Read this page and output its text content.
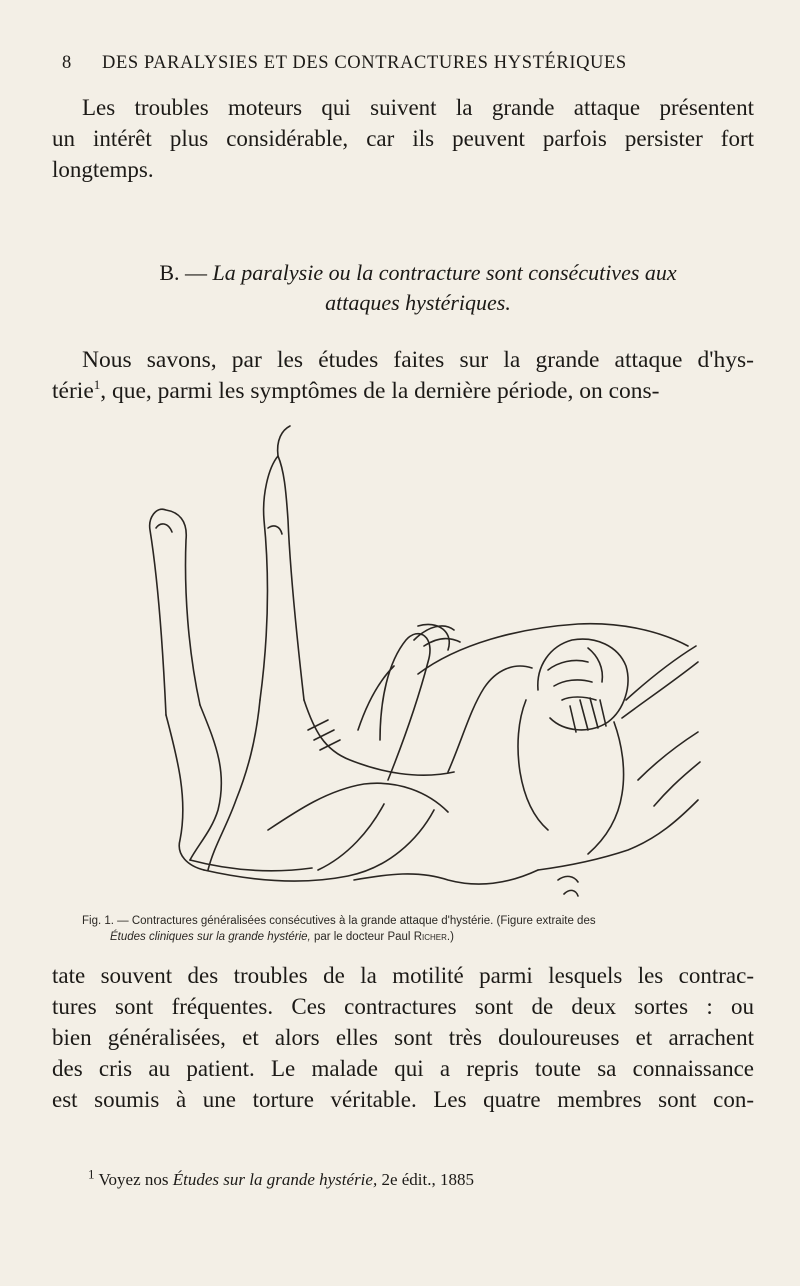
8 DES PARALYSIES ET DES CONTRACTURES HYSTÉRIQUES
Les troubles moteurs qui suivent la grande attaque présentent
un intérêt plus considérable, car ils peuvent parfois persister fort
longtemps.
B. — La paralysie ou la contracture sont consécutives aux
attaques hystériques.
Nous savons, par les études faites sur la grande attaque d'hys-
térie$^1$, que, parmi les symptômes de la dernière période, on cons-
Fig. 1. — Contractures généralisées consécutives à la grande attaque d'hystérie. (Figure extraite des
Études cliniques sur la grande hystérie, par le docteur Paul Richer.)
tate souvent des troubles de la motilité parmi lesquels les contrac-
tures sont fréquentes. Ces contractures sont de deux sortes : ou
bien généralisées, et alors elles sont très douloureuses et arrachent
des cris au patient. Le malade qui a repris toute sa connaissance
est soumis à une torture véritable. Les quatre membres sont con-
$^1$ Voyez nos Études sur la grande hystérie, 2e édit., 1885
